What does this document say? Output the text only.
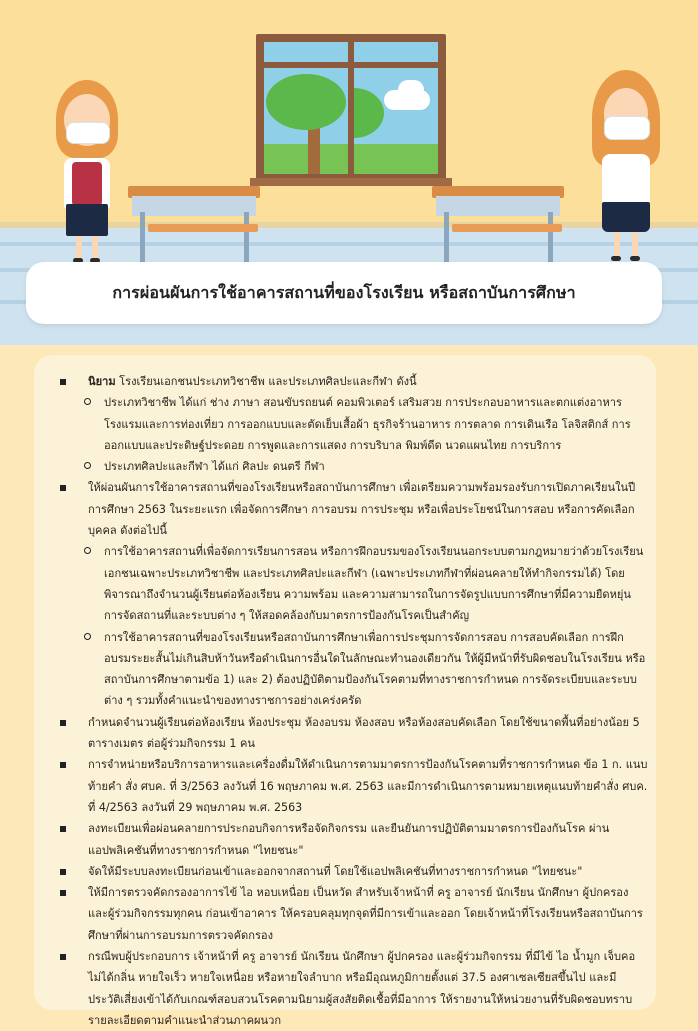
การผ่อนผันการใช้อาคารสถานที่ของโรงเรียน หรือสถาบันการศึกษา

นิยาม โรงเรียนเอกชนประเภทวิชาชีพ และประเภทศิลปะและกีฬา ดังนี้

ประเภทวิชาชีพ ได้แก่ ช่าง ภาษา สอนขับรถยนต์ คอมพิวเตอร์ เสริมสวย การประกอบอาหารและตกแต่งอาหาร โรงแรมและการท่องเที่ยว การออกแบบและตัดเย็บเสื้อผ้า ธุรกิจร้านอาหาร การตลาด การเดินเรือ โลจิสติกส์ การออกแบบและประดิษฐ์ประดอย การพูดและการแสดง การบริบาล พิมพ์ดีด นวดแผนไทย การบริการ

ประเภทศิลปะและกีฬา ได้แก่ ศิลปะ ดนตรี กีฬา

ให้ผ่อนผันการใช้อาคารสถานที่ของโรงเรียนหรือสถาบันการศึกษา เพื่อเตรียมความพร้อมรองรับการเปิดภาคเรียนในปีการศึกษา 2563 ในระยะแรก เพื่อจัดการศึกษา การอบรม การประชุม หรือเพื่อประโยชน์ในการสอบ หรือการคัดเลือกบุคคล ดังต่อไปนี้

การใช้อาคารสถานที่เพื่อจัดการเรียนการสอน หรือการฝึกอบรมของโรงเรียนนอกระบบตามกฎหมายว่าด้วยโรงเรียนเอกชนเฉพาะประเภทวิชาชีพ และประเภทศิลปะและกีฬา (เฉพาะประเภทกีฬาที่ผ่อนคลายให้ทำกิจกรรมได้) โดยพิจารณาถึงจำนวนผู้เรียนต่อห้องเรียน ความพร้อม และความสามารถในการจัดรูปแบบการศึกษาที่มีความยืดหยุ่น การจัดสถานที่และระบบต่าง ๆ ให้สอดคล้องกับมาตรการป้องกันโรคเป็นสำคัญ

การใช้อาคารสถานที่ของโรงเรียนหรือสถาบันการศึกษาเพื่อการประชุมการจัดการสอบ การสอบคัดเลือก การฝึกอบรมระยะสั้นไม่เกินสิบห้าวันหรือดำเนินการอื่นใดในลักษณะทำนองเดียวกัน ให้ผู้มีหน้าที่รับผิดชอบในโรงเรียน หรือสถาบันการศึกษาตามข้อ 1) และ 2) ต้องปฏิบัติตามป้องกันโรคตามที่ทางราชการกำหนด การจัดระเบียบและระบบต่าง ๆ รวมทั้งคำแนะนำของทางราชการอย่างเคร่งครัด

กำหนดจำนวนผู้เรียนต่อห้องเรียน ห้องประชุม ห้องอบรม ห้องสอบ หรือห้องสอบคัดเลือก โดยใช้ขนาดพื้นที่อย่างน้อย 5 ตารางเมตร ต่อผู้ร่วมกิจกรรม 1 คน

การจำหน่ายหรือบริการอาหารและเครื่องดื่มให้ดำเนินการตามมาตรการป้องกันโรคตามที่ราชการกำหนด ข้อ 1 ก. แนบท้ายคำ สั่ง ศบค. ที่ 3/2563 ลงวันที่ 16 พฤษภาคม พ.ศ. 2563 และมีการดำเนินการตามหมายเหตุแนบท้ายคำสั่ง ศบค. ที่ 4/2563 ลงวันที่ 29 พฤษภาคม พ.ศ. 2563

ลงทะเบียนเพื่อผ่อนคลายการประกอบกิจการหรือจัดกิจกรรม และยืนยันการปฏิบัติตามมาตรการป้องกันโรค ผ่านแอปพลิเคชันที่ทางราชการกำหนด "ไทยชนะ"

จัดให้มีระบบลงทะเบียนก่อนเข้าและออกจากสถานที่ โดยใช้แอปพลิเคชันที่ทางราชการกำหนด "ไทยชนะ"

ให้มีการตรวจคัดกรองอาการไข้ ไอ หอบเหนื่อย เป็นหวัด สำหรับเจ้าหน้าที่ ครู อาจารย์ นักเรียน นักศึกษา ผู้ปกครอง และผู้ร่วมกิจกรรมทุกคน ก่อนเข้าอาคาร ให้ครอบคลุมทุกจุดที่มีการเข้าและออก โดยเจ้าหน้าที่โรงเรียนหรือสถาบันการศึกษาที่ผ่านการอบรมการตรวจคัดกรอง

กรณีพบผู้ประกอบการ เจ้าหน้าที่ ครู อาจารย์ นักเรียน นักศึกษา ผู้ปกครอง และผู้ร่วมกิจกรรม ที่มีไข้ ไอ น้ำมูก เจ็บคอ ไม่ได้กลิ่น หายใจเร็ว หายใจเหนื่อย หรือหายใจลำบาก หรือมีอุณหภูมิกายตั้งแต่ 37.5 องศาเซลเซียสขึ้นไป และมีประวัติเสี่ยงเข้าได้กับเกณฑ์สอบสวนโรคตามนิยามผู้สงสัยติดเชื้อที่มีอาการ ให้รายงานให้หน่วยงานที่รับผิดชอบทราบ รายละเอียดตามคำแนะนำส่วนภาคผนวก
